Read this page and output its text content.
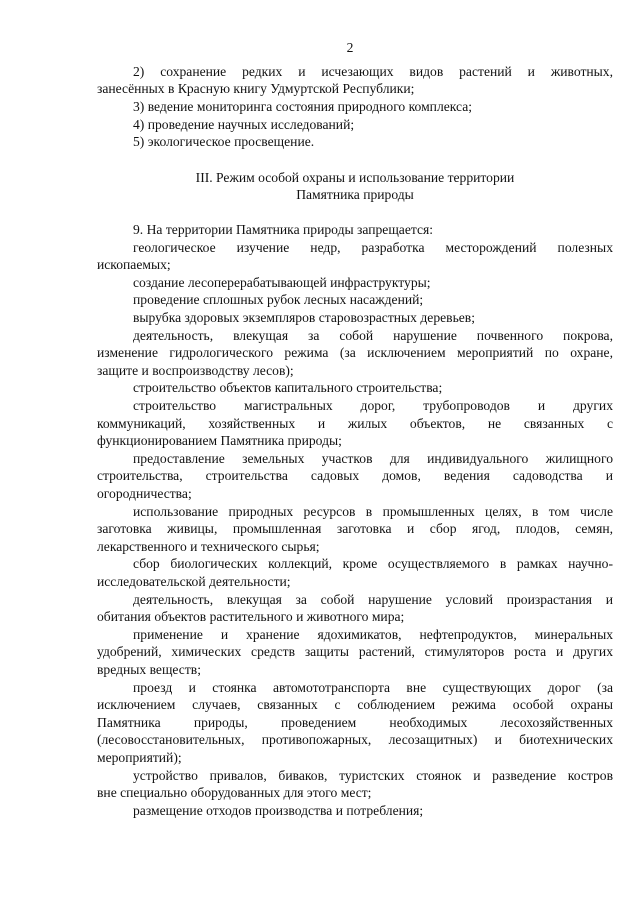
2
2) сохранение редких и исчезающих видов растений и животных,
занесённых в Красную книгу Удмуртской Республики;
3) ведение мониторинга состояния природного комплекса;
4) проведение научных исследований;
5) экологическое просвещение.
III. Режим особой охраны и использование территории
Памятника природы
9. На территории Памятника природы запрещается:
геологическое изучение недр, разработка месторождений полезных
ископаемых;
создание лесоперерабатывающей инфраструктуры;
проведение сплошных рубок лесных насаждений;
вырубка здоровых экземпляров старовозрастных деревьев;
деятельность, влекущая за собой нарушение почвенного покрова,
изменение гидрологического режима (за исключением мероприятий по охране,
защите и воспроизводству лесов);
строительство объектов капитального строительства;
строительство магистральных дорог, трубопроводов и других
коммуникаций, хозяйственных и жилых объектов, не связанных с
функционированием Памятника природы;
предоставление земельных участков для индивидуального жилищного
строительства, строительства садовых домов, ведения садоводства и
огородничества;
использование природных ресурсов в промышленных целях, в том числе
заготовка живицы, промышленная заготовка и сбор ягод, плодов, семян,
лекарственного и технического сырья;
сбор биологических коллекций, кроме осуществляемого в рамках научно-
исследовательской деятельности;
деятельность, влекущая за собой нарушение условий произрастания и
обитания объектов растительного и животного мира;
применение и хранение ядохимикатов, нефтепродуктов, минеральных
удобрений, химических средств защиты растений, стимуляторов роста и других
вредных веществ;
проезд и стоянка автомототранспорта вне существующих дорог (за
исключением случаев, связанных с соблюдением режима особой охраны
Памятника природы, проведением необходимых лесохозяйственных
(лесовосстановительных, противопожарных, лесозащитных) и биотехнических
мероприятий);
устройство привалов, биваков, туристских стоянок и разведение костров
вне специально оборудованных для этого мест;
размещение отходов производства и потребления;
